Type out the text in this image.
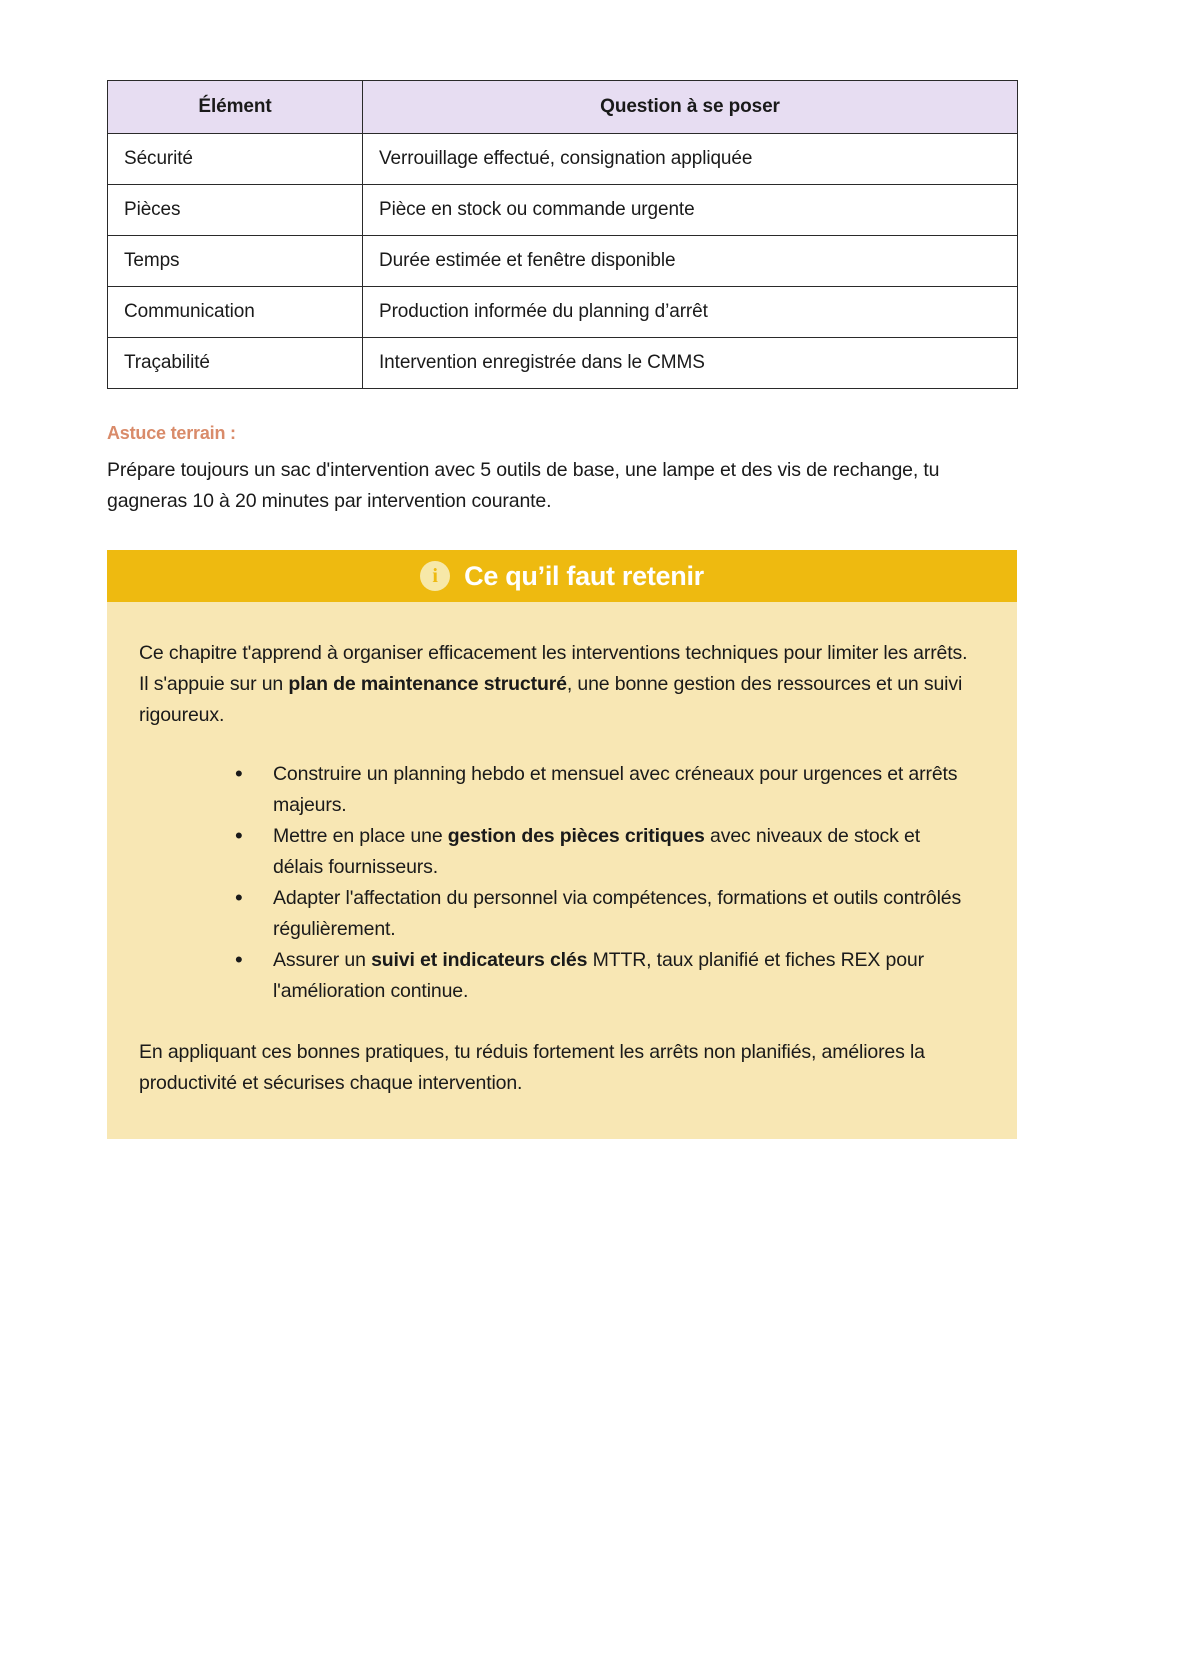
Élément	Question à se poser
Sécurité	Verrouillage effectué, consignation appliquée
Pièces	Pièce en stock ou commande urgente
Temps	Durée estimée et fenêtre disponible
Communication	Production informée du planning d’arrêt
Traçabilité	Intervention enregistrée dans le CMMS
Astuce terrain :
Prépare toujours un sac d'intervention avec 5 outils de base, une lampe et des vis de rechange, tu gagneras 10 à 20 minutes par intervention courante.
i Ce qu’il faut retenir

Ce chapitre t'apprend à organiser efficacement les interventions techniques pour limiter les arrêts. Il s'appuie sur un plan de maintenance structuré, une bonne gestion des ressources et un suivi rigoureux.

• Construire un planning hebdo et mensuel avec créneaux pour urgences et arrêts majeurs.
• Mettre en place une gestion des pièces critiques avec niveaux de stock et délais fournisseurs.
• Adapter l'affectation du personnel via compétences, formations et outils contrôlés régulièrement.
• Assurer un suivi et indicateurs clés MTTR, taux planifié et fiches REX pour l'amélioration continue.

En appliquant ces bonnes pratiques, tu réduis fortement les arrêts non planifiés, améliores la productivité et sécurises chaque intervention.
